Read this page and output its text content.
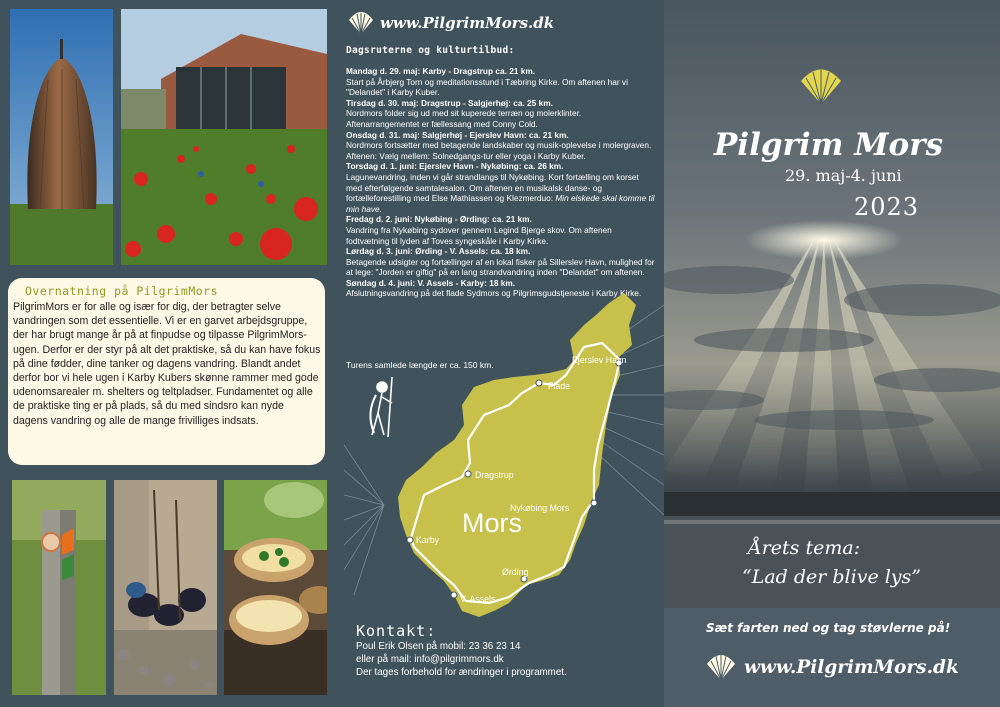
Overnatning på PilgrimMors
PilgrimMors er for alle og især for dig, der betragter selve vandringen som det essentielle. Vi er en garvet arbejdsgruppe, der har brugt mange år på at finpudse og tilpasse PilgrimMors-ugen. Derfor er der styr på alt det praktiske, så du kan have fokus på dine fødder, dine tanker og dagens vandring. Blandt andet derfor bor vi hele ugen i Karby Kubers skønne rammer med gode udenomsarealer m. shelters og teltpladser. Fundamentet og alle de praktiske ting er på plads, så du med sindsro kan nyde dagens vandring og alle de mange frivilliges indsats.
www.PilgrimMors.dk
Dagsruterne og kulturtilbud:
Mandag d. 29. maj: Karby - Dragstrup ca. 21 km.
Start på Årbjerg Torn og meditationsstund i Tæbring Kirke. Om aftenen har vi "Delandet" i Karby Kuber.
Tirsdag d. 30. maj: Dragstrup - Salgjerhøj: ca. 25 km.
Nordmors folder sig ud med sit kuperede terræn og molerklinter. Aftenarrangementet er fællessang med Conny Cold.
Onsdag d. 31. maj: Salgjerhøj - Ejerslev Havn: ca. 21 km.
Nordmors fortsætter med betagende landskaber og musik-oplevelse i molergraven. Aftenen: Vælg mellem: Solnedgangs-tur eller yoga i Karby Kuber.
Torsdag d. 1. juni: Ejerslev Havn - Nykøbing: ca. 26 km.
Lagunevandring, inden vi går strandlangs til Nykøbing. Kort fortælling om korset med efterfølgende samtalesalon. Om aftenen en musikalsk danse- og fortælleforestilling med Else Mathiassen og Klezmerduo: Min elskede skal komme til min have.
Fredag d. 2. juni: Nykøbing - Ørding: ca. 21 km.
Vandring fra Nykøbing sydover gennem Legind Bjerge skov. Om aftenen fodtvætning til lyden af Toves syngeskåle i Karby Kirke.
Lørdag d. 3. juni: Ørding - V. Assels: ca. 18 km.
Betagende udsigter og fortællinger af en lokal fisker på Sillerslev Havn, mulighed for at lege: "Jorden er giftig" på en lang strandvandring inden "Delandet" om aftenen.
Søndag d. 4. juni: V. Assels - Karby: 18 km.
Afslutningsvandring på det flade Sydmors og Pilgrimsgudstjeneste i Karby Kirke.
Turens samlede længde er ca. 150 km.
Flade
Ejerslev Havn
Dragstrup
Nykøbing Mors
Karby
Ørding
V. Assels
Mors
Kontakt:
Poul Erik Olsen på mobil: 23 36 23 14
eller på mail: info@pilgrimmors.dk
Der tages forbehold for ændringer i programmet.
Pilgrim Mors
29. maj-4. juni
2023
Årets tema:
“Lad der blive lys”
Sæt farten ned og tag støvlerne på!
www.PilgrimMors.dk
